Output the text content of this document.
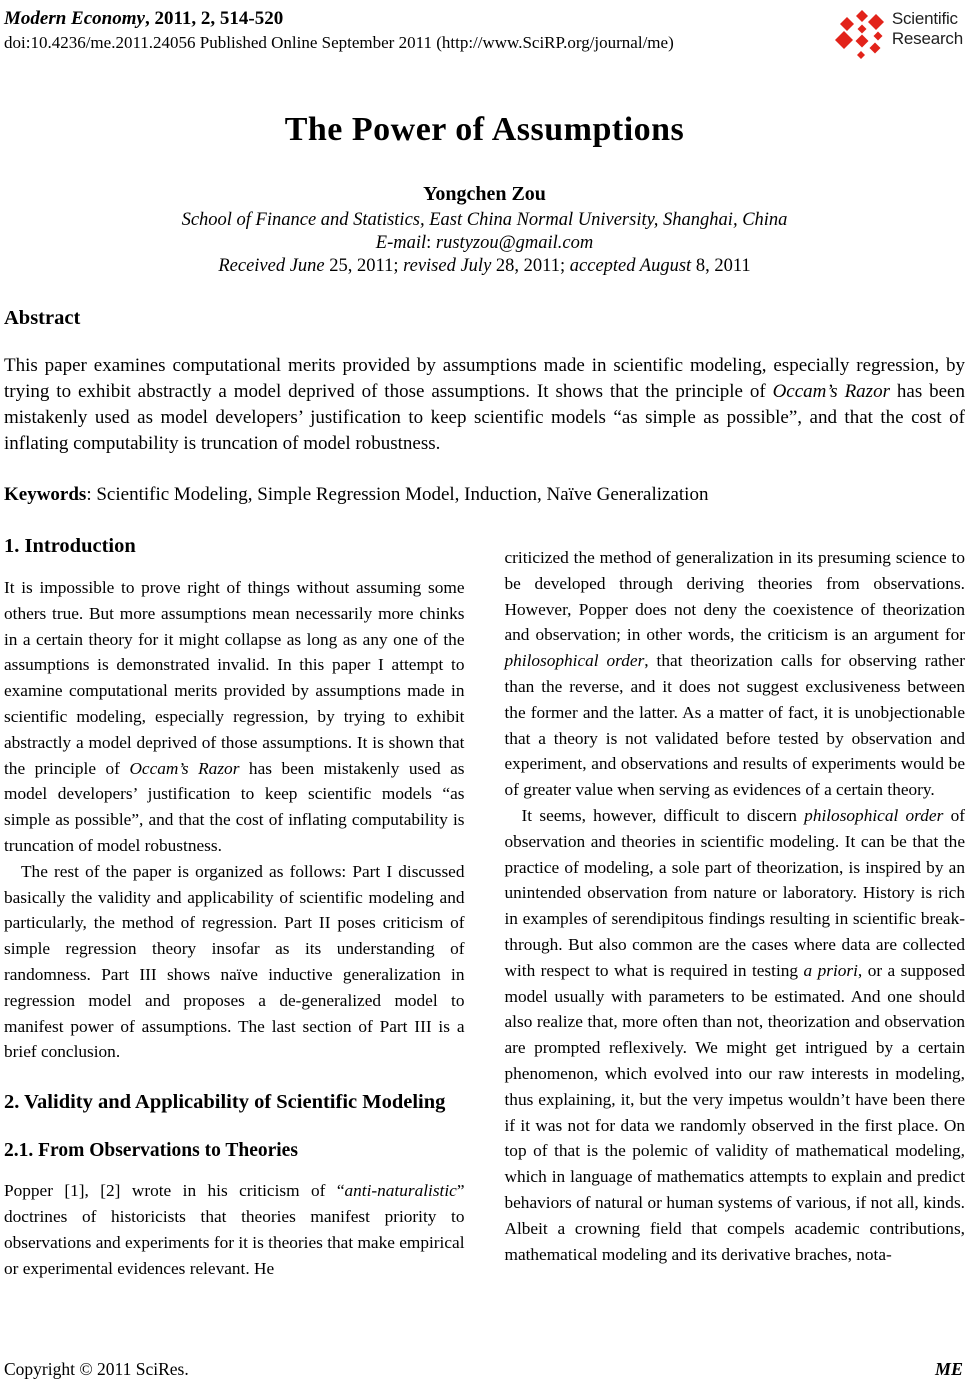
Modern Economy, 2011, 2, 514-520
doi:10.4236/me.2011.24056 Published Online September 2011 (http://www.SciRP.org/journal/me)
Scientific
Research
The Power of Assumptions
Yongchen Zou
School of Finance and Statistics, East China Normal University, Shanghai, China
E-mail: rustyzou@gmail.com
Received June 25, 2011; revised July 28, 2011; accepted August 8, 2011
Abstract

This paper examines computational merits provided by assumptions made in scientific modeling, especially regression, by trying to exhibit abstractly a model deprived of those assumptions. It shows that the principle of Occam’s Razor has been mistakenly used as model developers’ justification to keep scientific models “as simple as possible”, and that the cost of inflating computability is truncation of model robustness.

Keywords: Scientific Modeling, Simple Regression Model, Induction, Naïve Generalization

1. Introduction

It is impossible to prove right of things without assuming some others true. But more assumptions mean necessarily more chinks in a certain theory for it might collapse as long as any one of the assumptions is demonstrated invalid. In this paper I attempt to examine computational merits provided by assumptions made in scientific modeling, especially regression, by trying to exhibit abstractly a model deprived of those assumptions. It is shown that the principle of Occam’s Razor has been mistakenly used as model developers’ justification to keep scientific models “as simple as possible”, and that the cost of inflating computability is truncation of model robustness.

The rest of the paper is organized as follows: Part I discussed basically the validity and applicability of scientific modeling and particularly, the method of regression. Part II poses criticism of simple regression theory insofar as its understanding of randomness. Part III shows naïve inductive generalization in regression model and proposes a de-generalized model to manifest power of assumptions. The last section of Part III is a brief conclusion.

2. Validity and Applicability of Scientific Modeling
2.1. From Observations to Theories

Popper [1], [2] wrote in his criticism of “anti-naturalistic” doctrines of historicists that theories manifest priority to observations and experiments for it is theories that make empirical or experimental evidences relevant. He

criticized the method of generalization in its presuming science to be developed through deriving theories from observations. However, Popper does not deny the coexistence of theorization and observation; in other words, the criticism is an argument for philosophical order, that theorization calls for observing rather than the reverse, and it does not suggest exclusiveness between the former and the latter. As a matter of fact, it is unobjectionable that a theory is not validated before tested by observation and experiment, and observations and results of experiments would be of greater value when serving as evidences of a certain theory.

It seems, however, difficult to discern philosophical order of observation and theories in scientific modeling. It can be that the practice of modeling, a sole part of theorization, is inspired by an unintended observation from nature or laboratory. History is rich in examples of serendipitous findings resulting in scientific break-through. But also common are the cases where data are collected with respect to what is required in testing a priori, or a supposed model usually with parameters to be estimated. And one should also realize that, more often than not, theorization and observation are prompted reflexively. We might get intrigued by a certain phenomenon, which evolved into our raw interests in modeling, thus explaining, it, but the very impetus wouldn’t have been there if it was not for data we randomly observed in the first place. On top of that is the polemic of validity of mathematical modeling, which in language of mathematics attempts to explain and predict behaviors of natural or human systems of various, if not all, kinds. Albeit a crowning field that compels academic contributions, mathematical modeling and its derivative braches, nota-

Copyright © 2011 SciRes.	ME
